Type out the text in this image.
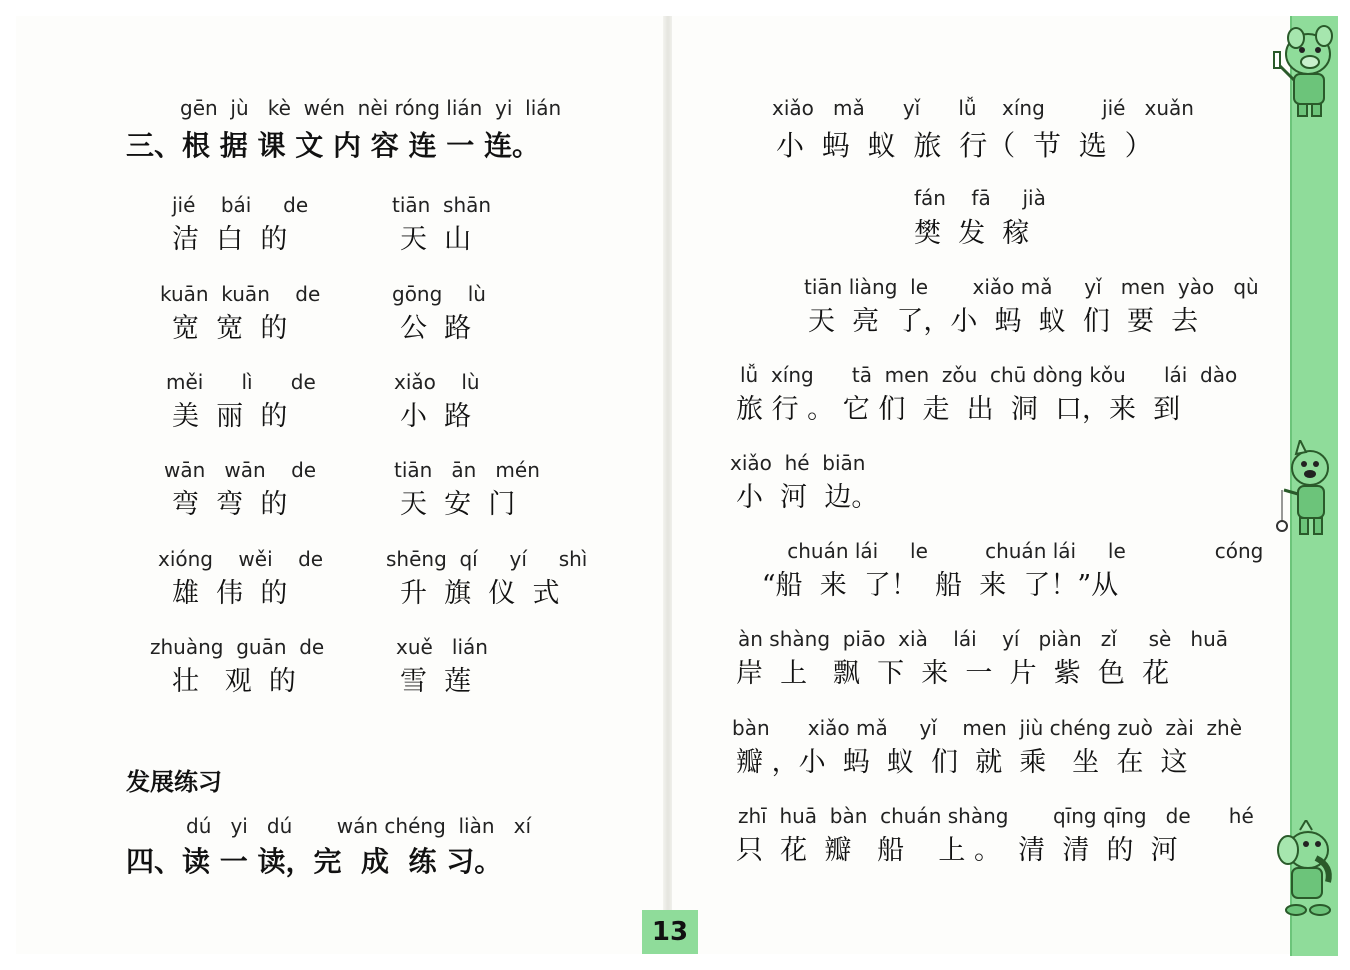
gēn  jù   kè  wén  nèi róng lián  yi  lián
三、根 据 课 文 内 容 连 一 连。
jié    bái     de
洁  白  的
tiān  shān
天  山
kuān  kuān    de
宽  宽  的
gōng    lù
公  路
měi      lì      de
美  丽  的
xiǎo    lù
小  路
wān   wān    de
弯  弯  的
tiān   ān   mén
天  安  门
xióng    wěi    de
雄  伟  的
shēng  qí     yí     shì
升  旗  仪  式
zhuàng  guān  de
壮   观  的
xuě   lián
雪  莲
发展练习
dú   yi   dú       wán chéng  liàn   xí
四、读 一 读，完  成  练 习。
xiǎo   mǎ      yǐ      lǚ    xíng         jié   xuǎn
小  蚂  蚁  旅  行（  节  选  ）
fán    fā     jià
樊  发  稼
tiān liàng  le       xiǎo mǎ     yǐ   men  yào   qù
天  亮  了，小  蚂  蚁  们  要  去
lǚ  xíng      tā  men  zǒu  chū dòng kǒu      lái  dào
旅 行 。 它 们  走  出  洞  口，来  到
xiǎo  hé  biān
小  河  边。
chuán lái     le         chuán lái     le              cóng
“船  来  了！  船  来  了！”从
àn shàng  piāo  xià    lái    yí   piàn   zǐ     sè   huā
岸  上   飘  下  来  一  片  紫  色  花
bàn      xiǎo mǎ     yǐ    men  jiù chéng zuò  zài  zhè
瓣 ，小  蚂  蚁  们  就  乘   坐  在  这
zhī  huā  bàn  chuán shàng       qīng qīng   de      hé
只  花  瓣   船    上 。  清  清  的  河
13
